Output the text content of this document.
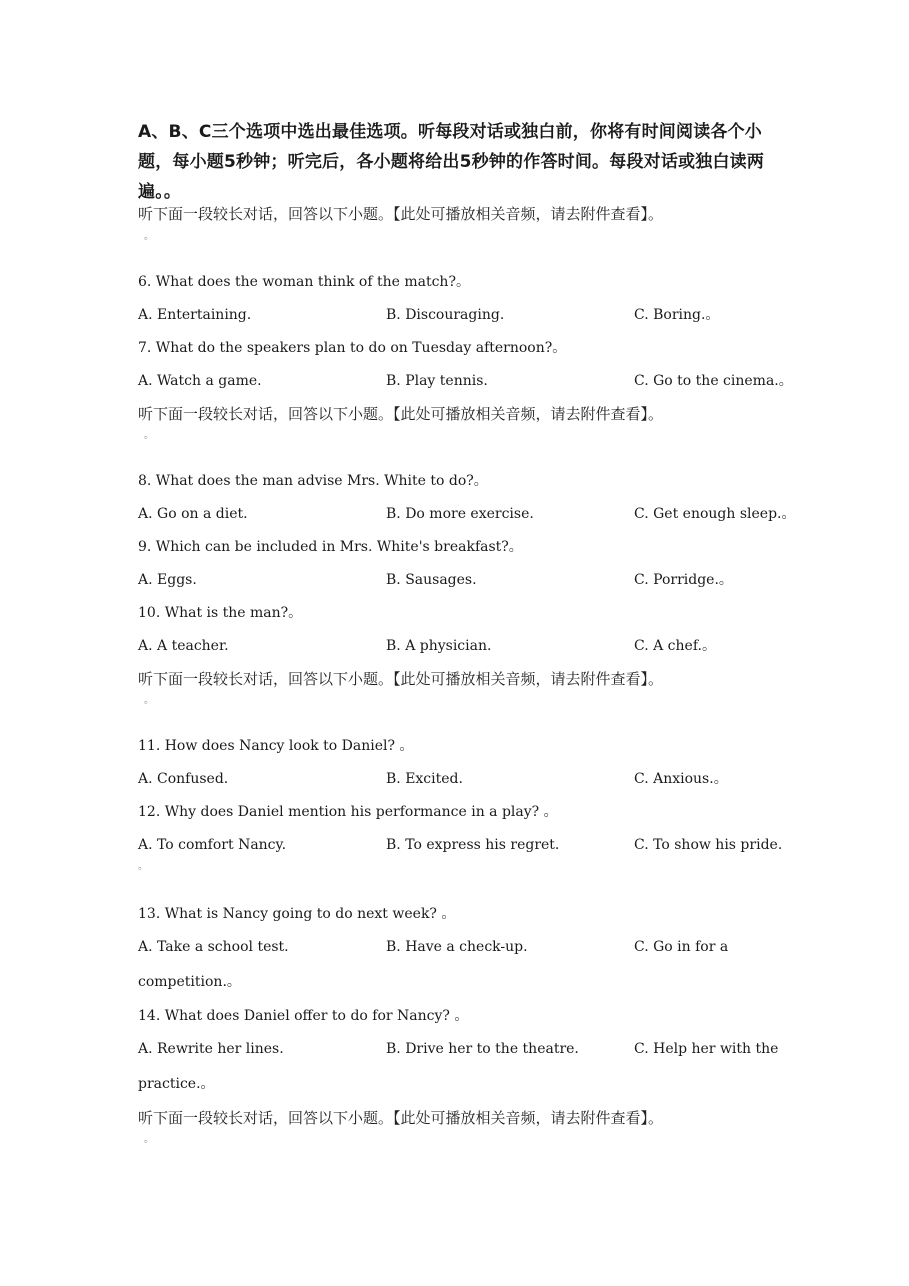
A、B、C三个选项中选出最佳选项。听每段对话或独白前，你将有时间阅读各个小题，每小题5秒钟；听完后，各小题将给出5秒钟的作答时间。每段对话或独白读两遍。。
听下面一段较长对话，回答以下小题。【此处可播放相关音频，请去附件查看】。
。
6. What does the woman think of the match?。
A. Entertaining.	B. Discouraging.	C. Boring.。
7. What do the speakers plan to do on Tuesday afternoon?。
A. Watch a game.	B. Play tennis.	C. Go to the cinema.。
听下面一段较长对话，回答以下小题。【此处可播放相关音频，请去附件查看】。
。
8. What does the man advise Mrs. White to do?。
A. Go on a diet.	B. Do more exercise.	C. Get enough sleep.。
9. Which can be included in Mrs. White's breakfast?。
A. Eggs.	B. Sausages.	C. Porridge.。
10. What is the man?。
A. A teacher.	B. A physician.	C. A chef.。
听下面一段较长对话，回答以下小题。【此处可播放相关音频，请去附件查看】。
。
11. How does Nancy look to Daniel? 。
A. Confused.	B. Excited.	C. Anxious.。
12. Why does Daniel mention his performance in a play? 。
A. To comfort Nancy.	B. To express his regret.	C. To show his pride.
。
13. What is Nancy going to do next week? 。
A. Take a school test.	B. Have a check-up.	C. Go in for a
competition.。
14. What does Daniel offer to do for Nancy? 。
A. Rewrite her lines.	B. Drive her to the theatre.	C. Help her with the
practice.。
听下面一段较长对话，回答以下小题。【此处可播放相关音频，请去附件查看】。
。
